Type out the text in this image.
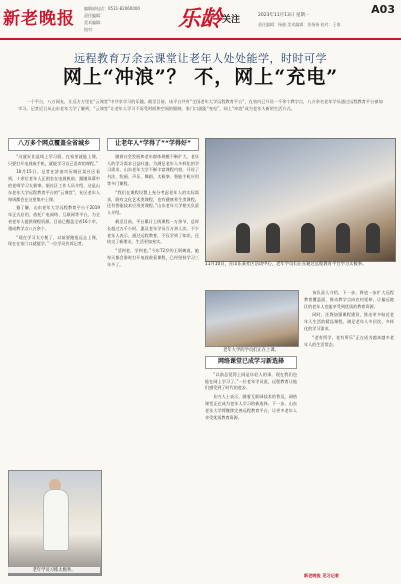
新老晚报
编辑部电话：0531-82060000
责任编辑：
美术编辑：
校对：	乐龄 关注	2023年11月13日 星期一	A03
责任编辑：杨晓 美术编辑：张扬扬 校对：王倩
远程教育万余云课堂让老年人处处能学，时时可学
网上“冲浪”？ 不，网上“充电”
一个平台，八万网友，让远方万里在“云课堂”中共享学习的乐趣。截至目前，该平台共有“全国老年大学远程教育平台”，在省内已开设一千余个教学点，八万余名老年学员通过远程教育平台参加学习。记者近日从山东老年大学了解到，“云课堂”让老年人学习不再受时间和空间的限制，家门口就能“充电”，网上“冲浪”成为老年人新的生活方式。
八万多个网点覆盖全省城乡

“这就好比是线上学习班，在家里就能上课，只要打开电视或手机，就能学习自己喜欢的课程。”

10月15日，记者在济南市历城区某社区看到，十余位老年人正围坐在电视机前，跟随屏幕中的老师学习太极拳。据社区工作人员介绍，这是山东老年大学远程教育平台的“云课堂”，社区老年人每周都会在这里集中上课。

据了解，山东老年大学远程教育平台于2019年正式启用，依托广电网络、互联网等平台，为全省老年人提供课程资源，目前已覆盖全省16个市，建成教学点八万余个。

“现在学习太方便了，以前要跑很远去上课，现在在家门口就能学。”一位学员告诉记者。

老年学员习练太极拳。
让老年人“学得了”“学得好”

随着社会发展和老年群体规模不断扩大，老年人的学习需求日益旺盛。为满足老年人多样化的学习需求，山东老年大学不断丰富课程内容，开设了书法、绘画、声乐、舞蹈、太极拳、智能手机应用等多门课程。

“我们在课程设置上充分考虑老年人的实际需求，既有文化艺术类课程，也有健康养生类课程，还有智能技术应用类课程。”山东老年大学相关负责人介绍。

截至目前，平台累计上线课程一万余节，总时长超过五千小时，惠及老年学员百万余人次。不少老年人表示，通过远程教育，不仅学到了知识，还结交了新朋友，生活更加充实。

“活到老，学到老。”今年72岁的王阿姨说，她每天都会准时打开电视收看课程，已经坚持学习三年多了。	11月10日，在山东某社区活动中心，老年学员们正在通过远程教育平台学习太极拳。
老年大学的学员们正在上课。
网络课堂已成学习新选择

“以前总觉得上网是年轻人的事，现在我们也能在网上学习了。”一位老年学员说，远程教育让他们感受到了时代的进步。

业内人士表示，随着互联网技术的普及，网络课堂正在成为老年人学习的新选择。下一步，山东老年大学将继续完善远程教育平台，让更多老年人享受优质教育资源。

该负责人介绍，下一步，将进一步扩大远程教育覆盖面，推动教学点向农村延伸，让偏远地区的老年人也能享受到优质的教育资源。

同时，还将加强课程建设，推出更多贴近老年人生活的精品课程，满足老年人多层次、多样化的学习需求。

“老有所学、老有所乐”正在成为越来越多老年人的生活常态。

新老晚报 见习记者
